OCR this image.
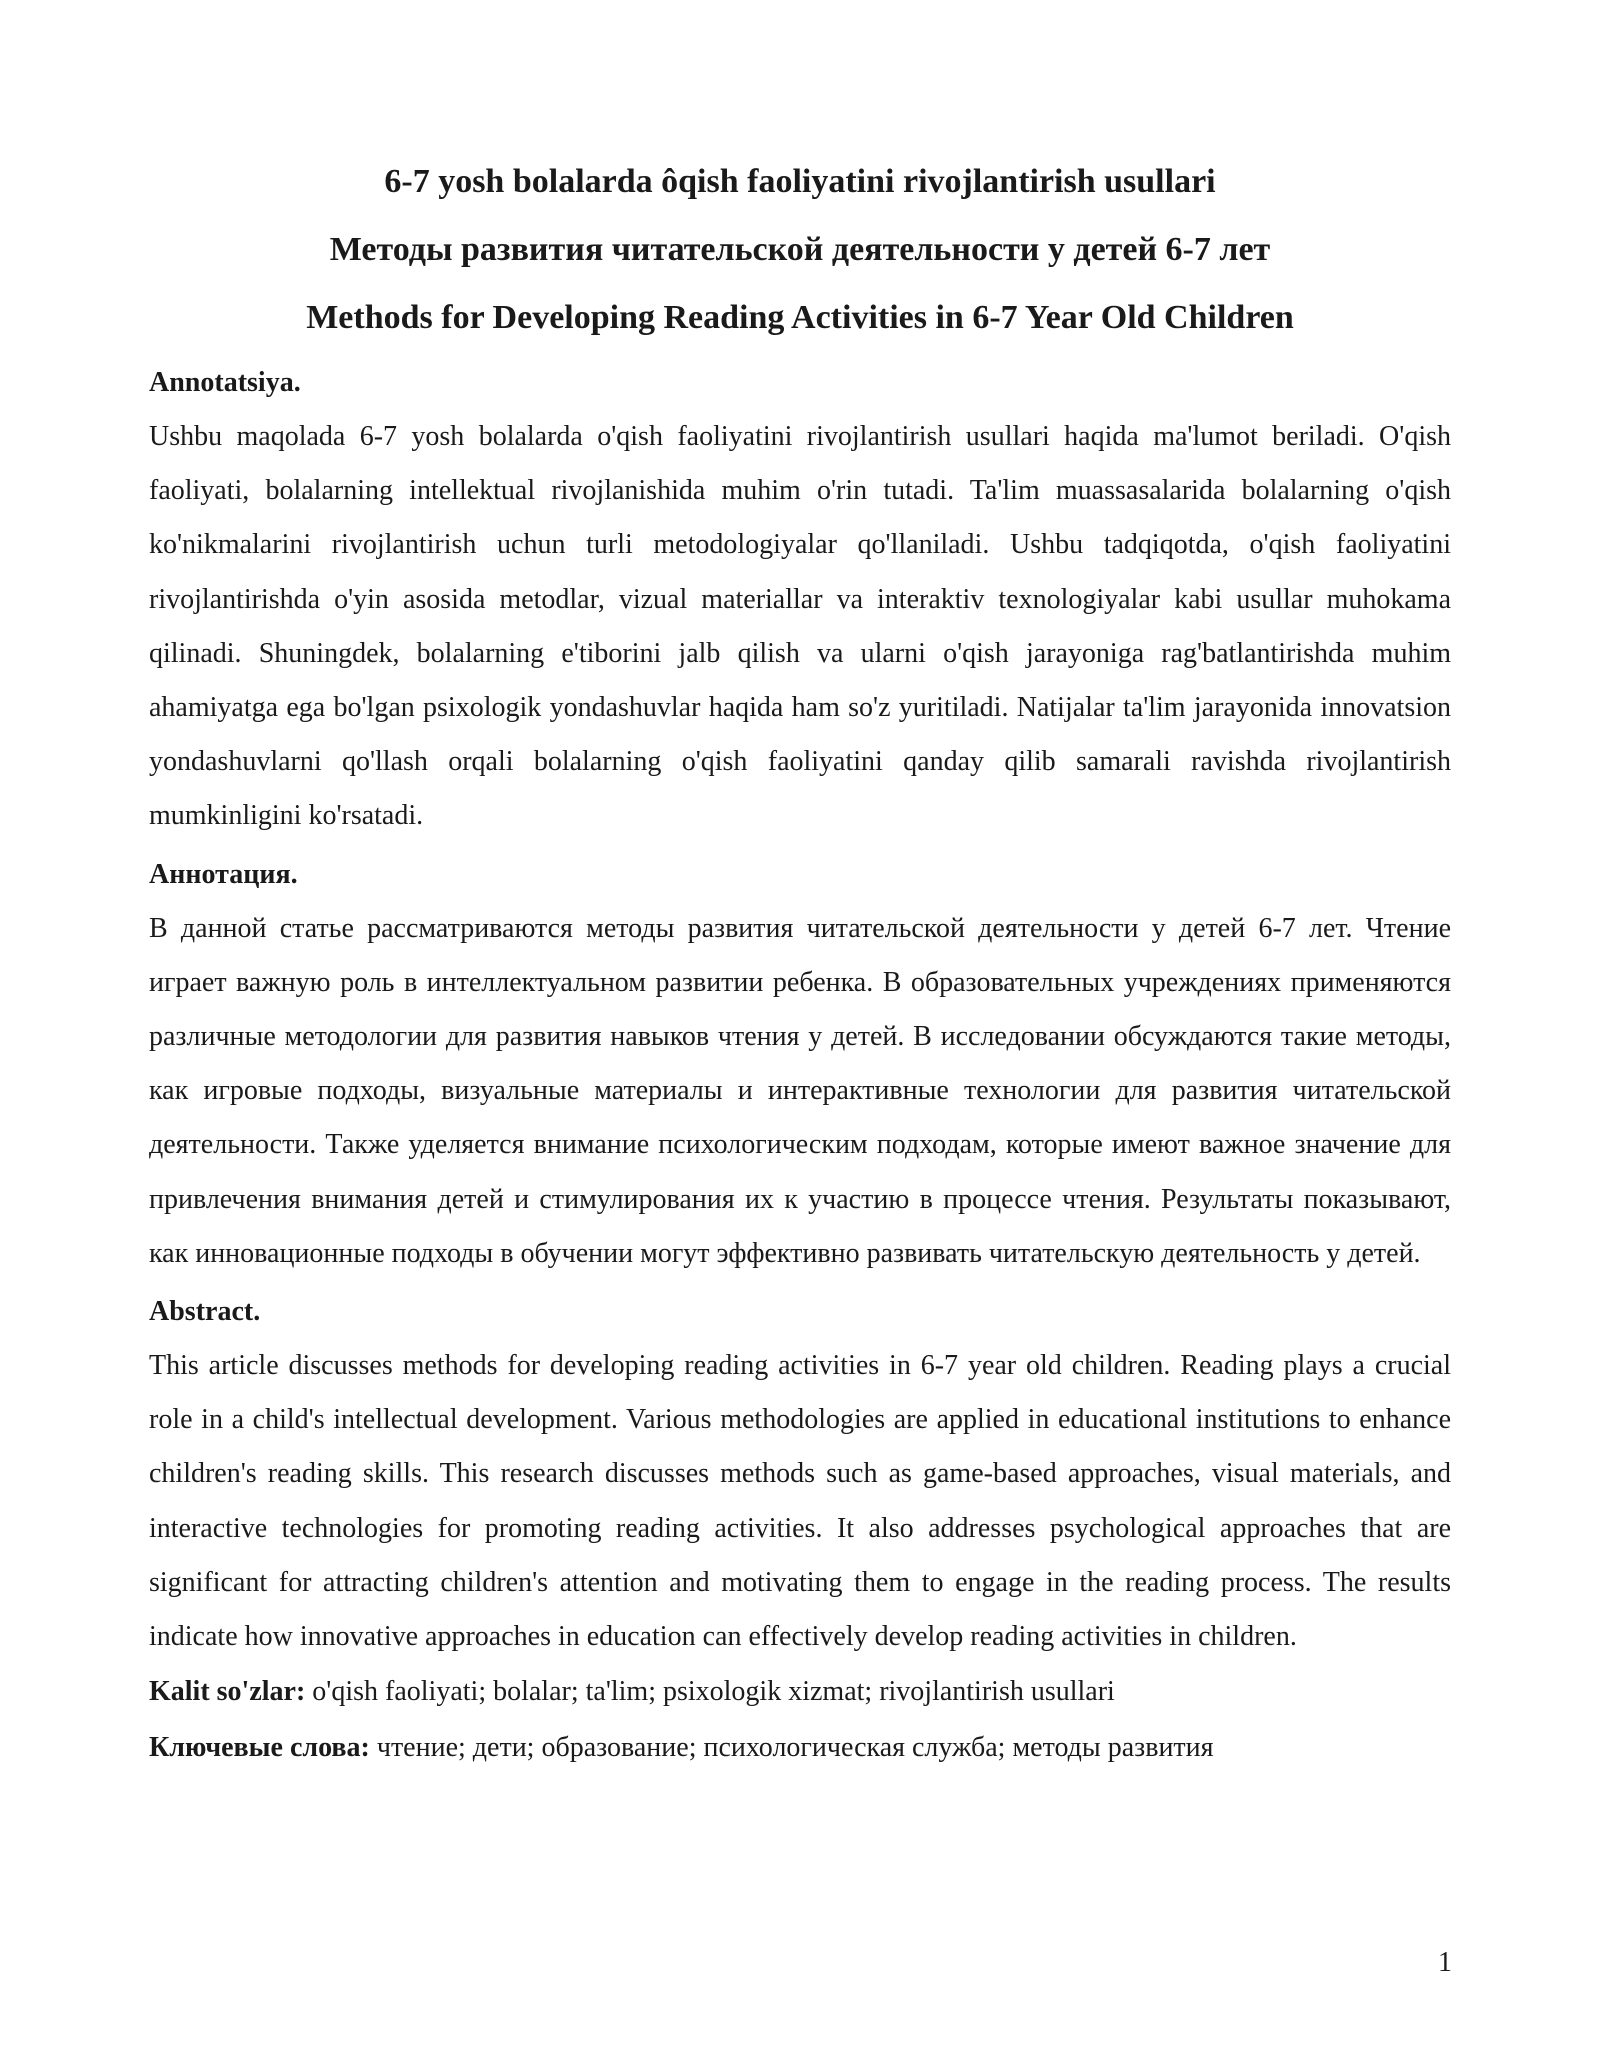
6-7 yosh bolalarda ôqish faoliyatini rivojlantirish usullari
Методы развития читательской деятельности у детей 6-7 лет
Methods for Developing Reading Activities in 6-7 Year Old Children
Annotatsiya.

Ushbu maqolada 6-7 yosh bolalarda o'qish faoliyatini rivojlantirish usullari haqida ma'lumot beriladi. O'qish faoliyati, bolalarning intellektual rivojlanishida muhim o'rin tutadi. Ta'lim muassasalarida bolalarning o'qish ko'nikmalarini rivojlantirish uchun turli metodologiyalar qo'llaniladi. Ushbu tadqiqotda, o'qish faoliyatini rivojlantirishda o'yin asosida metodlar, vizual materiallar va interaktiv texnologiyalar kabi usullar muhokama qilinadi. Shuningdek, bolalarning e'tiborini jalb qilish va ularni o'qish jarayoniga rag'batlantirishda muhim ahamiyatga ega bo'lgan psixologik yondashuvlar haqida ham so'z yuritiladi. Natijalar ta'lim jarayonida innovatsion yondashuvlarni qo'llash orqali bolalarning o'qish faoliyatini qanday qilib samarali ravishda rivojlantirish mumkinligini ko'rsatadi.

Аннотация.

В данной статье рассматриваются методы развития читательской деятельности у детей 6-7 лет. Чтение играет важную роль в интеллектуальном развитии ребенка. В образовательных учреждениях применяются различные методологии для развития навыков чтения у детей. В исследовании обсуждаются такие методы, как игровые подходы, визуальные материалы и интерактивные технологии для развития читательской деятельности. Также уделяется внимание психологическим подходам, которые имеют важное значение для привлечения внимания детей и стимулирования их к участию в процессе чтения. Результаты показывают, как инновационные подходы в обучении могут эффективно развивать читательскую деятельность у детей.

Abstract.

This article discusses methods for developing reading activities in 6-7 year old children. Reading plays a crucial role in a child's intellectual development. Various methodologies are applied in educational institutions to enhance children's reading skills. This research discusses methods such as game-based approaches, visual materials, and interactive technologies for promoting reading activities. It also addresses psychological approaches that are significant for attracting children's attention and motivating them to engage in the reading process. The results indicate how innovative approaches in education can effectively develop reading activities in children.

Kalit so'zlar: o'qish faoliyati; bolalar; ta'lim; psixologik xizmat; rivojlantirish usullari

Ключевые слова: чтение; дети; образование; психологическая служба; методы развития

1
